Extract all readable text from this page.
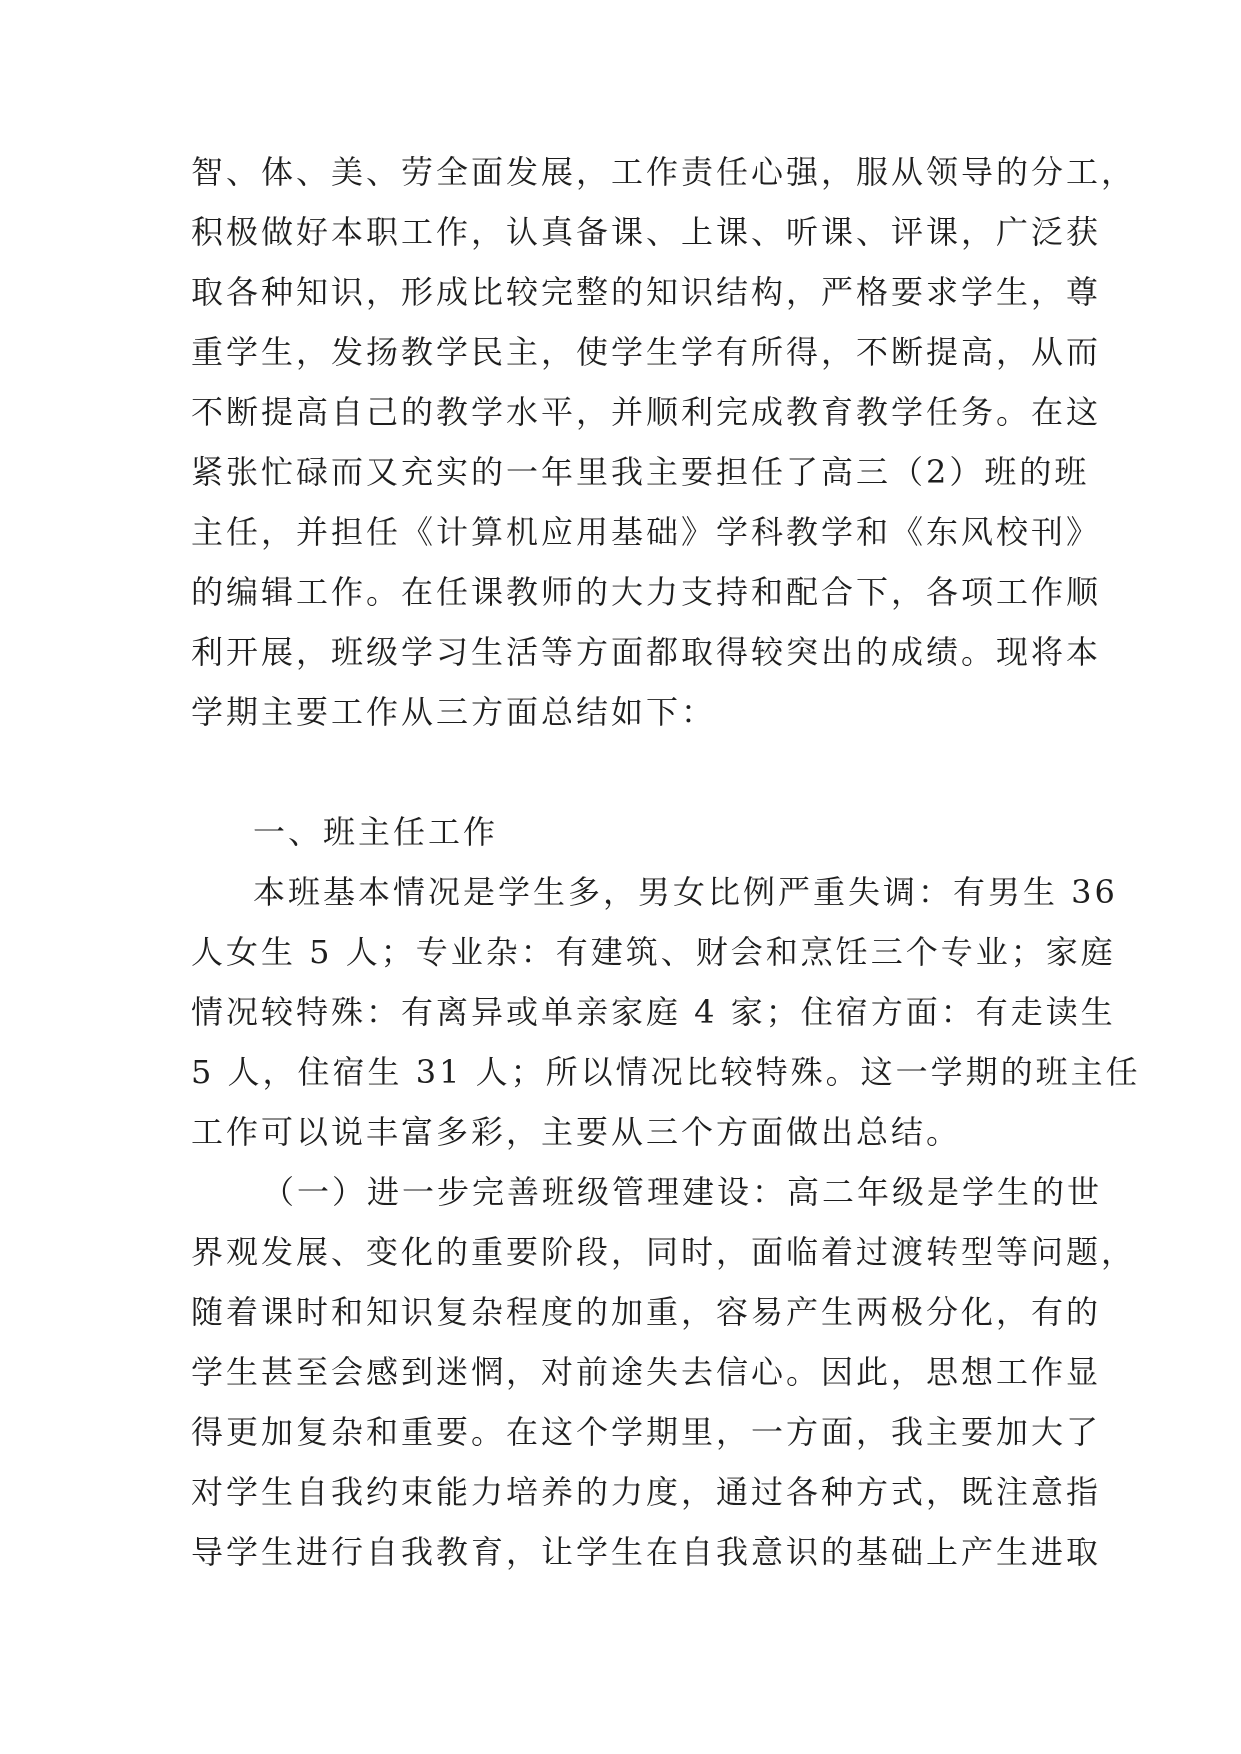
智、体、美、劳全面发展，工作责任心强，服从领导的分工，
积极做好本职工作，认真备课、上课、听课、评课，广泛获
取各种知识，形成比较完整的知识结构，严格要求学生，尊
重学生，发扬教学民主，使学生学有所得，不断提高，从而
不断提高自己的教学水平，并顺利完成教育教学任务。在这
紧张忙碌而又充实的一年里我主要担任了高三（2）班的班
主任，并担任《计算机应用基础》学科教学和《东风校刊》
的编辑工作。在任课教师的大力支持和配合下，各项工作顺
利开展，班级学习生活等方面都取得较突出的成绩。现将本
学期主要工作从三方面总结如下：
一、班主任工作
本班基本情况是学生多，男女比例严重失调：有男生 36
人女生 5 人；专业杂：有建筑、财会和烹饪三个专业；家庭
情况较特殊：有离异或单亲家庭 4 家；住宿方面：有走读生
5 人，住宿生 31 人；所以情况比较特殊。这一学期的班主任
工作可以说丰富多彩，主要从三个方面做出总结。
（一）进一步完善班级管理建设：高二年级是学生的世
界观发展、变化的重要阶段，同时，面临着过渡转型等问题，
随着课时和知识复杂程度的加重，容易产生两极分化，有的
学生甚至会感到迷惘，对前途失去信心。因此，思想工作显
得更加复杂和重要。在这个学期里，一方面，我主要加大了
对学生自我约束能力培养的力度，通过各种方式，既注意指
导学生进行自我教育，让学生在自我意识的基础上产生进取
